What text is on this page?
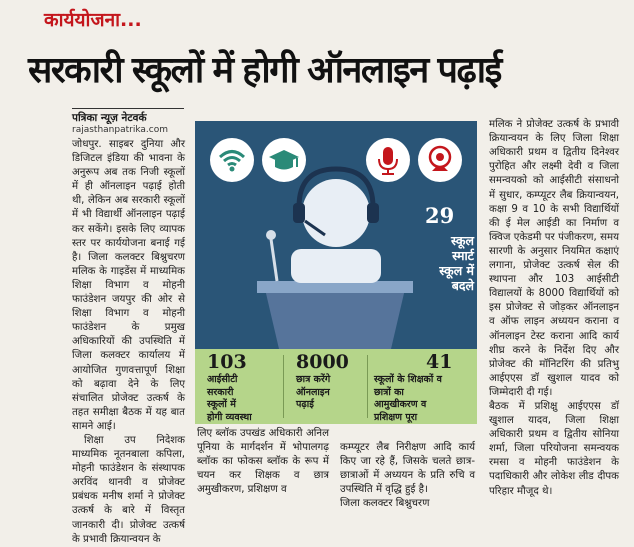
कार्ययोजना...
सरकारी स्कूलों में होगी ऑनलाइन पढ़ाई
पत्रिका न्यूज़ नेटवर्क
rajasthanpatrika.com

जोधपुर. साइबर दुनिया और डिजिटल इंडिया की भावना के अनुरूप अब तक निजी स्कूलों में ही ऑनलाइन पढ़ाई होती थी, लेकिन अब सरकारी स्कूलों में भी विद्यार्थी ऑनलाइन पढ़ाई कर सकेंगे। इसके लिए व्यापक स्तर पर कार्ययोजना बनाई गई है। जिला कलक्टर बिश्नुचरण मलिक के गाइडेंस में माध्यमिक शिक्षा विभाग व मोहनी फाउंडेशन जयपुर की ओर से शिक्षा विभाग व मोहनी फाउंडेशन के प्रमुख अधिकारियों की उपस्थिति में जिला कलक्टर कार्यालय में आयोजित गुणवत्तापूर्ण शिक्षा को बढ़ावा देने के लिए संचालित प्रोजेक्ट उत्कर्ष के तहत समीक्षा बैठक में यह बात सामने आई।

शिक्षा उप निदेशक माध्यमिक नूतनबाला कपिला, मोहनी फाउंडेशन के संस्थापक अरविंद थानवी व प्रोजेक्ट प्रबंधक मनीष शर्मा ने प्रोजेक्ट उत्कर्ष के बारे में विस्तृत जानकारी दी। प्रोजेक्ट उत्कर्ष के प्रभावी क्रियान्वयन के

29
स्कूल
स्मार्ट
स्कूल में
बदले
103
आईसीटी
सरकारी
स्कूलों में
होगी व्यवस्था
8000
छात्र करेंगे
ऑनलाइन
पढ़ाई
41
स्कूलों के शिक्षकों व
छात्रों का
आमुखीकरण व
प्रशिक्षण पूरा

लिए ब्लॉक उपखंड अधिकारी अनिल पूनिया के मार्गदर्शन में भोपालगढ़ ब्लॉक का फोकस ब्लॉक के रूप में चयन कर शिक्षक व छात्र अमुखीकरण, प्रशिक्षण व

कम्प्यूटर लैब निरीक्षण आदि कार्य किए जा रहे हैं, जिसके चलते छात्र-छात्राओं में अध्ययन के प्रति रुचि व उपस्थिति में वृद्धि हुई है।
जिला कलक्टर बिश्नुचरण

मलिक ने प्रोजेक्ट उत्कर्ष के प्रभावी क्रियान्वयन के लिए जिला शिक्षा अधिकारी प्रथम व द्वितीय दिनेश्वर पुरोहित और लक्ष्मी देवी व जिला समन्वयको को आईसीटी संसाधनो में सुधार, कम्प्यूटर लैब क्रियान्वयन, कक्षा 9 व 10 के सभी विद्यार्थियों की ई मेल आईडी का निर्माण व क्विज एकेडमी पर पंजीकरण, समय सारणी के अनुसार नियमित कक्षाएं लगाना, प्रोजेक्ट उत्कर्ष सेल की स्थापना और 103 आईसीटी विद्यालयों के 8000 विद्यार्थियों को इस प्रोजेक्ट से जोड़कर ऑनलाइन व ऑफ लाइन अध्ययन कराना व ऑनलाइन टेस्ट कराना आदि कार्य शीघ्र करने के निर्देश दिए और प्रोजेक्ट की मॉनिटरिंग की प्रतिभु आईएएस डॉ खुशाल यादव को जिम्मेदारी दी गई।
बैठक में प्रशिक्षु आईएएस डॉ खुशाल यादव, जिला शिक्षा अधिकारी प्रथम व द्वितीय सोनिया शर्मा, जिला परियोजना समन्वयक रमसा व मोहनी फाउंडेशन के पदाधिकारी और लोकेश लीड दीपक परिहार मौजूद थे।
